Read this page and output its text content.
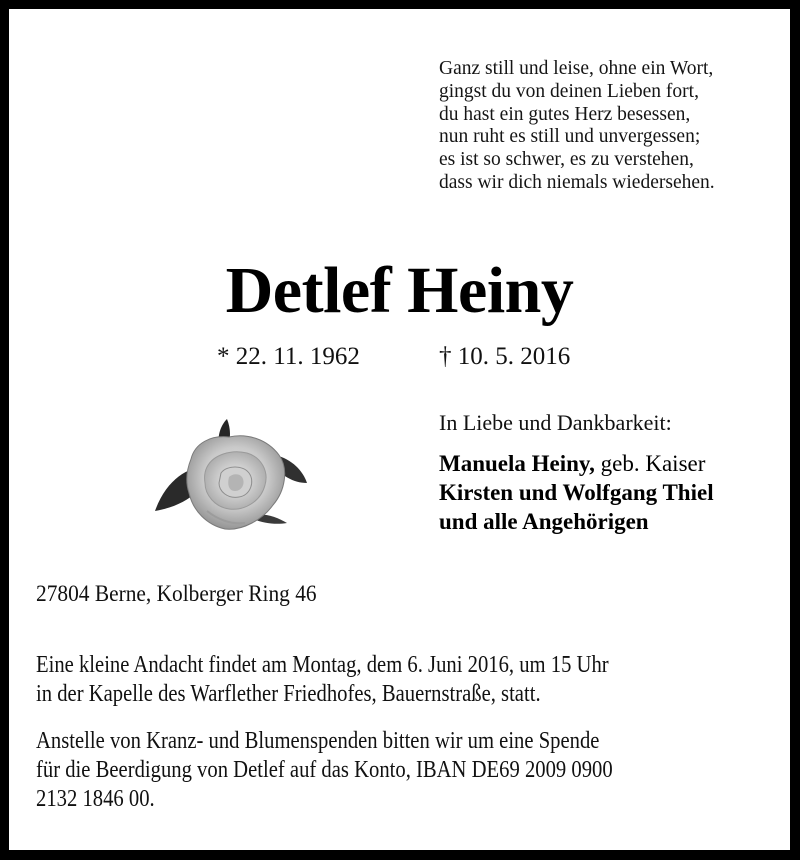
Ganz still und leise, ohne ein Wort,
gingst du von deinen Lieben fort,
du hast ein gutes Herz besessen,
nun ruht es still und unvergessen;
es ist so schwer, es zu verstehen,
dass wir dich niemals wiedersehen.
Detlef Heiny
* 22. 11. 1962	† 10. 5. 2016
In Liebe und Dankbarkeit:
Manuela Heiny, geb. Kaiser
Kirsten und Wolfgang Thiel
und alle Angehörigen
27804 Berne, Kolberger Ring 46
Eine kleine Andacht findet am Montag, dem 6. Juni 2016, um 15 Uhr
in der Kapelle des Warflether Friedhofes, Bauernstraße, statt.
Anstelle von Kranz- und Blumenspenden bitten wir um eine Spende
für die Beerdigung von Detlef auf das Konto, IBAN DE69 2009 0900
2132 1846 00.
